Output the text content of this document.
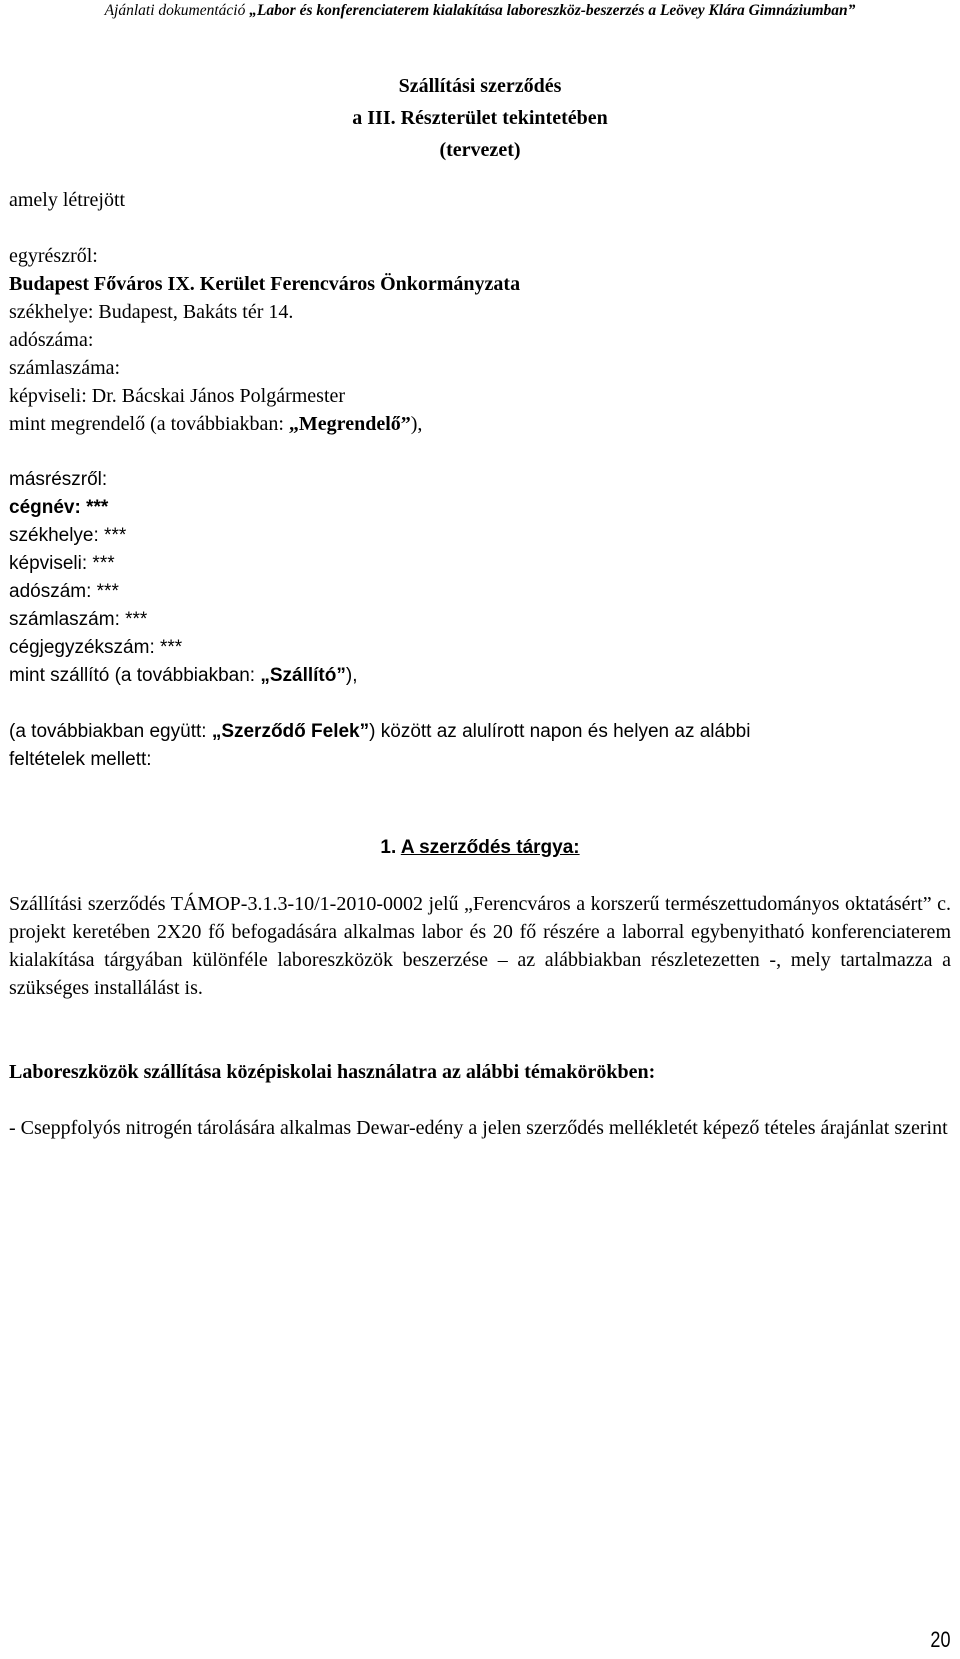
Ajánlati dokumentáció „Labor és konferenciaterem kialakítása laboreszköz-beszerzés a Leövey Klára Gimnáziumban”
Szállítási szerződés
a III. Részterület tekintetében
(tervezet)
amely létrejött
egyrészről:
Budapest Főváros IX. Kerület Ferencváros Önkormányzata
székhelye: Budapest, Bakáts tér 14.
adószáma:
számlaszáma:
képviseli: Dr. Bácskai János Polgármester
mint megrendelő (a továbbiakban: „Megrendelő”),
másrészről:
cégnév: ***
székhelye: ***
képviseli: ***
adószám: ***
számlaszám: ***
cégjegyzékszám: ***
mint szállító (a továbbiakban: „Szállító”),
(a továbbiakban együtt: „Szerződő Felek”) között az alulírott napon és helyen az alábbi
feltételek mellett:
1. A szerződés tárgya:
Szállítási szerződés TÁMOP-3.1.3-10/1-2010-0002 jelű „Ferencváros a korszerű természettudományos oktatásért” c. projekt keretében 2X20 fő befogadására alkalmas labor és 20 fő részére a laborral egybenyitható konferenciaterem kialakítása tárgyában különféle laboreszközök beszerzése – az alábbiakban részletezetten -, mely tartalmazza a szükséges installálást is.
Laboreszközök szállítása középiskolai használatra az alábbi témakörökben:
- Cseppfolyós nitrogén tárolására alkalmas Dewar-edény a jelen szerződés mellékletét képező tételes árajánlat szerint
20
